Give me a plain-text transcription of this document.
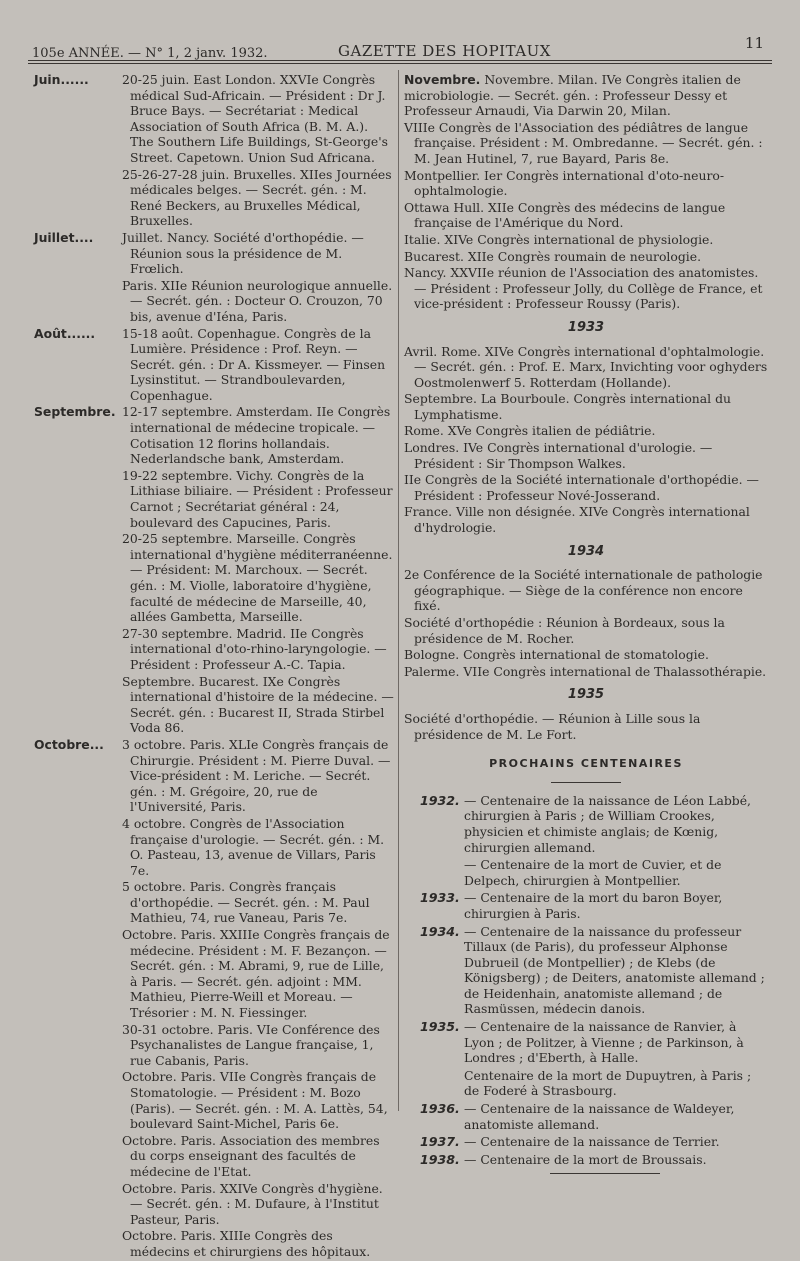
105e ANNÉE. — N° 1, 2 janv. 1932.	GAZETTE DES HOPITAUX	11
Juin......	20-25 juin. East London. XXVIe Congrès médical Sud-Africain. — Président : Dr J. Bruce Bays. — Secrétariat : Medical Association of South Africa (B. M. A.). The Southern Life Buildings, St-George's Street. Capetown. Union Sud Africana.
25-26-27-28 juin. Bruxelles. XIIes Journées médicales belges. — Secrét. gén. : M. René Beckers, au Bruxelles Médical, Bruxelles.
Juillet.... Juillet. Nancy. Société d'orthopédie. — Réunion sous la présidence de M. Frœlich.
Paris. XIIe Réunion neurologique annuelle. — Secrét. gén. : Docteur O. Crouzon, 70 bis, avenue d'Iéna, Paris.
Août...... 15-18 août. Copenhague. Congrès de la Lumière. Présidence : Prof. Reyn. — Secrét. gén. : Dr A. Kissmeyer. — Finsen Lysinstitut. — Strandboulevarden, Copenhague.
Septembre. 12-17 septembre. Amsterdam. IIe Congrès international de médecine tropicale. — Cotisation 12 florins hollandais. Nederlandsche bank, Amsterdam.
19-22 septembre. Vichy. Congrès de la Lithiase biliaire. — Président : Professeur Carnot ; Secrétariat général : 24, boulevard des Capucines, Paris.
20-25 septembre. Marseille. Congrès international d'hygiène méditerranéenne. — Président: M. Marchoux. — Secrét. gén. : M. Violle, laboratoire d'hygiène, faculté de médecine de Marseille, 40, allées Gambetta, Marseille.
27-30 septembre. Madrid. IIe Congrès international d'oto-rhino-laryngologie. — Président : Professeur A.-C. Tapia.
Septembre. Bucarest. IXe Congrès international d'histoire de la médecine. — Secrét. gén. : Bucarest II, Strada Stirbel Voda 86.
Octobre... 3 octobre. Paris. XLIe Congrès français de Chirurgie. Président : M. Pierre Duval. — Vice-président : M. Leriche. — Secrét. gén. : M. Grégoire, 20, rue de l'Université, Paris.
4 octobre. Congrès de l'Association française d'urologie. — Secrét. gén. : M. O. Pasteau, 13, avenue de Villars, Paris 7e.
5 octobre. Paris. Congrès français d'orthopédie. — Secrét. gén. : M. Paul Mathieu, 74, rue Vaneau, Paris 7e.
Octobre. Paris. XXIIIe Congrès français de médecine. Président : M. F. Bezançon. — Secrét. gén. : M. Abrami, 9, rue de Lille, à Paris. — Secrét. gén. adjoint : MM. Mathieu, Pierre-Weill et Moreau. — Trésorier : M. N. Fiessinger.
30-31 octobre. Paris. VIe Conférence des Psychanalistes de Langue française, 1, rue Cabanis, Paris.
Octobre. Paris. VIIe Congrès français de Stomatologie. — Président : M. Bozo (Paris). — Secrét. gén. : M. A. Lattès, 54, boulevard Saint-Michel, Paris 6e.
Octobre. Paris. Association des membres du corps enseignant des facultés de médecine de l'Etat.
Octobre. Paris. XXIVe Congrès d'hygiène. — Secrét. gén. : M. Dufaure, à l'Institut Pasteur, Paris.
Octobre. Paris. XIIIe Congrès des médecins et chirurgiens des hôpitaux.
Novembre. Novembre. Milan. IVe Congrès italien de microbiologie. — Secrét. gén. : Professeur Dessy et Professeur Arnaudi, Via Darwin 20, Milan.
VIIIe Congrès de l'Association des pédiâtres de langue française. Président : M. Ombredanne. — Secrét. gén. : M. Jean Hutinel, 7, rue Bayard, Paris 8e.
Montpellier. Ier Congrès international d'oto-neuro-ophtalmologie.
Ottawa Hull. XIIe Congrès des médecins de langue française de l'Amérique du Nord.
Italie. XIVe Congrès international de physiologie.
Bucarest. XIIe Congrès roumain de neurologie.
Nancy. XXVIIe réunion de l'Association des anatomistes. — Président : Professeur Jolly, du Collège de France, et vice-président : Professeur Roussy (Paris).
1933
Avril. Rome. XIVe Congrès international d'ophtalmologie. — Secrét. gén. : Prof. E. Marx, Invichting voor oghyders Oostmolenwerf 5. Rotterdam (Hollande).
Septembre. La Bourboule. Congrès international du Lymphatisme.
Rome. XVe Congrès italien de pédiâtrie.
Londres. IVe Congrès international d'urologie. — Président : Sir Thompson Walkes.
IIe Congrès de la Société internationale d'orthopédie. — Président : Professeur Nové-Josserand.
France. Ville non désignée. XIVe Congrès international d'hydrologie.
1934
2e Conférence de la Société internationale de pathologie géographique. — Siège de la conférence non encore fixé.
Société d'orthopédie : Réunion à Bordeaux, sous la présidence de M. Rocher.
Bologne. Congrès international de stomatologie.
Palerme. VIIe Congrès international de Thalassothérapie.
1935
Société d'orthopédie. — Réunion à Lille sous la présidence de M. Le Fort.
PROCHAINS CENTENAIRES
1932. — Centenaire de la naissance de Léon Labbé, chirurgien à Paris ; de William Crookes, physicien et chimiste anglais; de Kœnig, chirurgien allemand.
— Centenaire de la mort de Cuvier, et de Delpech, chirurgien à Montpellier.
1933. — Centenaire de la mort du baron Boyer, chirurgien à Paris.
1934. — Centenaire de la naissance du professeur Tillaux (de Paris), du professeur Alphonse Dubrueil (de Montpellier) ; de Klebs (de Königsberg) ; de Deiters, anatomiste allemand ; de Heidenhain, anatomiste allemand ; de Rasmüssen, médecin danois.
1935. — Centenaire de la naissance de Ranvier, à Lyon ; de Politzer, à Vienne ; de Parkinson, à Londres ; d'Eberth, à Halle.
Centenaire de la mort de Dupuytren, à Paris ; de Foderé à Strasbourg.
1936. — Centenaire de la naissance de Waldeyer, anatomiste allemand.
1937. — Centenaire de la naissance de Terrier.
1938. — Centenaire de la mort de Broussais.
